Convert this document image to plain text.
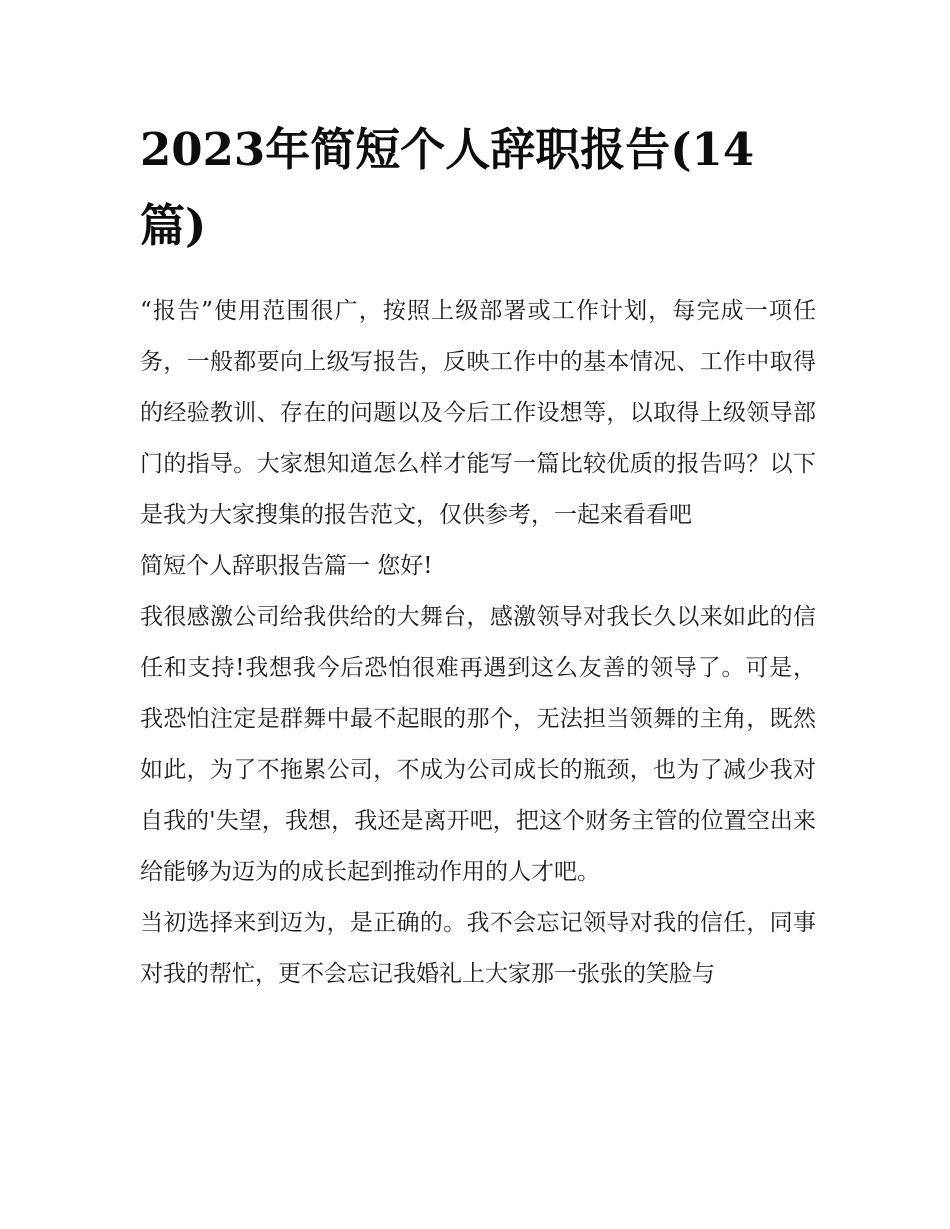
2023年简短个人辞职报告(14篇)

“报告”使用范围很广，按照上级部署或工作计划，每完成一项任务，一般都要向上级写报告，反映工作中的基本情况、工作中取得的经验教训、存在的问题以及今后工作设想等，以取得上级领导部门的指导。大家想知道怎么样才能写一篇比较优质的报告吗？以下是我为大家搜集的报告范文，仅供参考，一起来看看吧

简短个人辞职报告篇一 您好!

我很感激公司给我供给的大舞台，感激领导对我长久以来如此的信任和支持!我想我今后恐怕很难再遇到这么友善的领导了。可是，我恐怕注定是群舞中最不起眼的那个，无法担当领舞的主角，既然如此，为了不拖累公司，不成为公司成长的瓶颈，也为了减少我对自我的'失望，我想，我还是离开吧，把这个财务主管的位置空出来给能够为迈为的成长起到推动作用的人才吧。

当初选择来到迈为，是正确的。我不会忘记领导对我的信任，同事对我的帮忙，更不会忘记我婚礼上大家那一张张的笑脸与
